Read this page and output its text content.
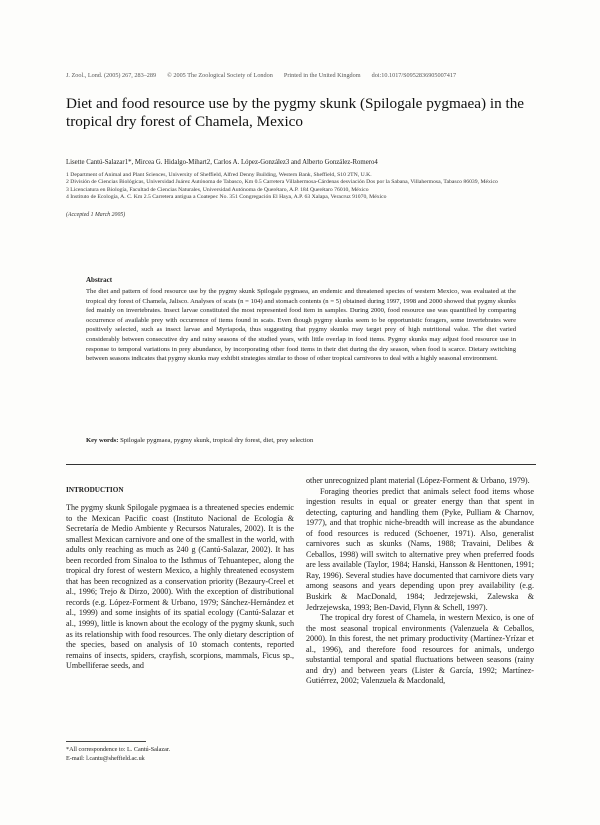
J. Zool., Lond. (2005) 267, 283–289 © 2005 The Zoological Society of London Printed in the United Kingdom doi:10.1017/S0952836905007417
Diet and food resource use by the pygmy skunk (Spilogale pygmaea) in the tropical dry forest of Chamela, Mexico
Lisette Cantú-Salazar1*, Mircea G. Hidalgo-Mihart2, Carlos A. López-González3 and Alberto González-Romero4
1 Department of Animal and Plant Sciences, University of Sheffield, Alfred Denny Building, Western Bank, Sheffield, S10 2TN, U.K.
2 División de Ciencias Biológicas, Universidad Juárez Autónoma de Tabasco, Km 0.5 Carretera Villahermosa-Cárdenas desviación Dos por la Sabana, Villahermosa, Tabasco 86039, México
3 Licenciatura en Biología, Facultad de Ciencias Naturales, Universidad Autónoma de Querétaro, A.P. 184 Querétaro 76010, México
4 Instituto de Ecología, A. C. Km 2.5 Carretera antigua a Coatepec No. 351 Congregación El Haya, A.P. 63 Xalapa, Veracruz 91070, México
(Accepted 1 March 2005)
Abstract
The diet and pattern of food resource use by the pygmy skunk Spilogale pygmaea, an endemic and threatened species of western Mexico, was evaluated at the tropical dry forest of Chamela, Jalisco. Analyses of scats (n = 104) and stomach contents (n = 5) obtained during 1997, 1998 and 2000 showed that pygmy skunks fed mainly on invertebrates. Insect larvae constituted the most represented food item in samples. During 2000, food resource use was quantified by comparing occurrence of available prey with occurrence of items found in scats. Even though pygmy skunks seem to be opportunistic foragers, some invertebrates were positively selected, such as insect larvae and Myriapoda, thus suggesting that pygmy skunks may target prey of high nutritional value. The diet varied considerably between consecutive dry and rainy seasons of the studied years, with little overlap in food items. Pygmy skunks may adjust food resource use in response to temporal variations in prey abundance, by incorporating other food items in their diet during the dry season, when food is scarce. Dietary switching between seasons indicates that pygmy skunks may exhibit strategies similar to those of other tropical carnivores to deal with a highly seasonal environment.
Key words: Spilogale pygmaea, pygmy skunk, tropical dry forest, diet, prey selection
INTRODUCTION

The pygmy skunk Spilogale pygmaea is a threatened species endemic to the Mexican Pacific coast (Instituto Nacional de Ecología & Secretaría de Medio Ambiente y Recursos Naturales, 2002). It is the smallest Mexican carnivore and one of the smallest in the world, with adults only reaching as much as 240 g (Cantú-Salazar, 2002). It has been recorded from Sinaloa to the Isthmus of Tehuantepec, along the tropical dry forest of western Mexico, a highly threatened ecosystem that has been recognized as a conservation priority (Bezaury-Creel et al., 1996; Trejo & Dirzo, 2000). With the exception of distributional records (e.g. López-Forment & Urbano, 1979; Sánchez-Hernández et al., 1999) and some insights of its spatial ecology (Cantú-Salazar et al., 1999), little is known about the ecology of the pygmy skunk, such as its relationship with food resources. The only dietary description of the species, based on analysis of 10 stomach contents, reported remains of insects, spiders, crayfish, scorpions, mammals, Ficus sp., Umbelliferae seeds, and

other unrecognized plant material (López-Forment & Urbano, 1979).

Foraging theories predict that animals select food items whose ingestion results in equal or greater energy than that spent in detecting, capturing and handling them (Pyke, Pulliam & Charnov, 1977), and that trophic niche-breadth will increase as the abundance of food resources is reduced (Schoener, 1971). Also, generalist carnivores such as skunks (Nams, 1988; Travaini, Delibes & Ceballos, 1998) will switch to alternative prey when preferred foods are less available (Taylor, 1984; Hanski, Hansson & Henttonen, 1991; Ray, 1996). Several studies have documented that carnivore diets vary among seasons and years depending upon prey availability (e.g. Buskirk & MacDonald, 1984; Jedrzejewski, Zalewska & Jedrzejewska, 1993; Ben-David, Flynn & Schell, 1997).

The tropical dry forest of Chamela, in western Mexico, is one of the most seasonal tropical environments (Valenzuela & Ceballos, 2000). In this forest, the net primary productivity (Martínez-Yrízar et al., 1996), and therefore food resources for animals, undergo substantial temporal and spatial fluctuations between seasons (rainy and dry) and between years (Lister & García, 1992; Martínez-Gutiérrez, 2002; Valenzuela & Macdonald,

*All correspondence to: L. Cantú-Salazar.
E-mail: l.cantu@sheffield.ac.uk
